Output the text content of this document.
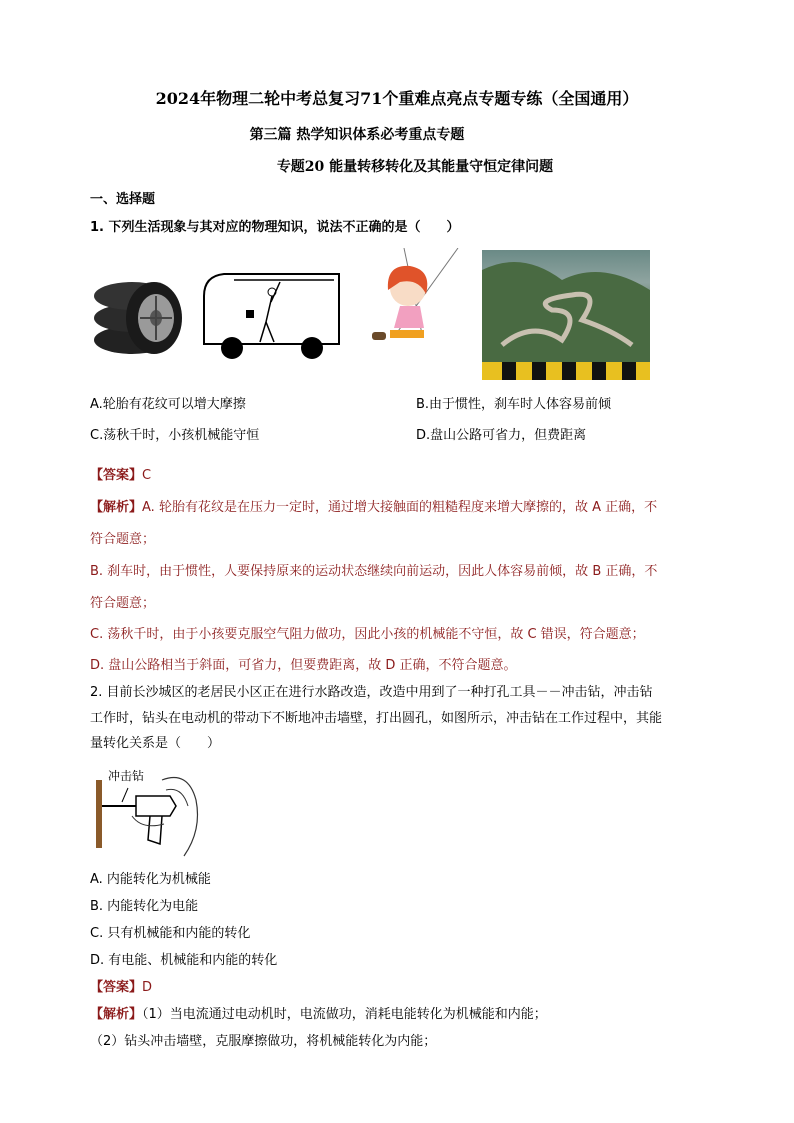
2024年物理二轮中考总复习71个重难点亮点专题专练（全国通用）
第三篇 热学知识体系必考重点专题
专题20 能量转移转化及其能量守恒定律问题
一、选择题
1. 下列生活现象与其对应的物理知识，说法不正确的是（　　）
A.轮胎有花纹可以增大摩擦	B.由于惯性，刹车时人体容易前倾
C.荡秋千时，小孩机械能守恒	D.盘山公路可省力，但费距离
【答案】C
【解析】A. 轮胎有花纹是在压力一定时，通过增大接触面的粗糙程度来增大摩擦的，故 A 正确，不
符合题意；
B. 刹车时，由于惯性，人要保持原来的运动状态继续向前运动，因此人体容易前倾，故 B 正确，不
符合题意；
C. 荡秋千时，由于小孩要克服空气阻力做功，因此小孩的机械能不守恒，故 C 错误，符合题意；
D. 盘山公路相当于斜面，可省力，但要费距离，故 D 正确，不符合题意。
2. 目前长沙城区的老居民小区正在进行水路改造，改造中用到了一种打孔工具－－冲击钻，冲击钻
工作时，钻头在电动机的带动下不断地冲击墙壁，打出圆孔，如图所示，冲击钻在工作过程中，其能
量转化关系是（　　）
冲击钻
A. 内能转化为机械能
B. 内能转化为电能
C. 只有机械能和内能的转化
D. 有电能、机械能和内能的转化
【答案】D
【解析】（1）当电流通过电动机时，电流做功，消耗电能转化为机械能和内能；
（2）钻头冲击墙壁，克服摩擦做功，将机械能转化为内能；
